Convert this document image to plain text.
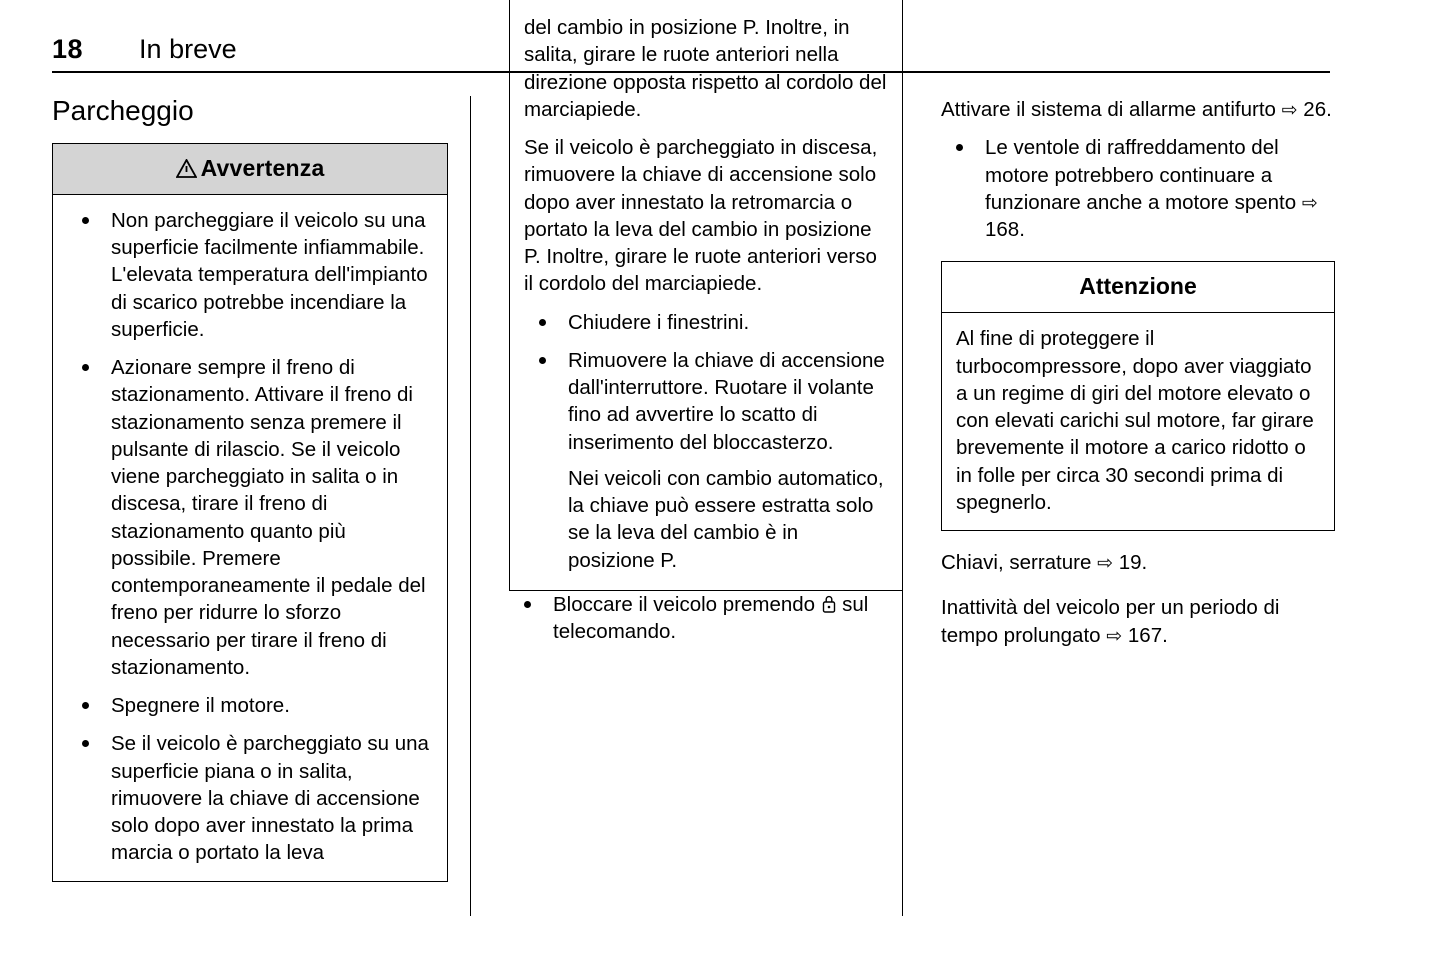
18 In breve
Parcheggio
Avvertenza
Non parcheggiare il veicolo su una superficie facilmente infiammabile. L'elevata temperatura dell'impianto di scarico potrebbe incendiare la superficie.
Azionare sempre il freno di stazionamento. Attivare il freno di stazionamento senza premere il pulsante di rilascio. Se il veicolo viene parcheggiato in salita o in discesa, tirare il freno di stazionamento quanto più possibile. Premere contemporaneamente il pedale del freno per ridurre lo sforzo necessario per tirare il freno di stazionamento.
Spegnere il motore.
Se il veicolo è parcheggiato su una superficie piana o in salita, rimuovere la chiave di accensione solo dopo aver innestato la prima marcia o portato la leva

del cambio in posizione P. Inoltre, in salita, girare le ruote anteriori nella direzione opposta rispetto al cordolo del marciapiede.

Se il veicolo è parcheggiato in discesa, rimuovere la chiave di accensione solo dopo aver innestato la retromarcia o portato la leva del cambio in posizione P. Inoltre, girare le ruote anteriori verso il cordolo del marciapiede.

Chiudere i finestrini.
Rimuovere la chiave di accensione dall'interruttore. Ruotare il volante fino ad avvertire lo scatto di inserimento del bloccasterzo.
Nei veicoli con cambio automatico, la chiave può essere estratta solo se la leva del cambio è in posizione P.
Bloccare il veicolo premendo sul telecomando.

Attivare il sistema di allarme antifurto ⇨ 26.

Le ventole di raffreddamento del motore potrebbero continuare a funzionare anche a motore spento ⇨ 168.
Attenzione
Al fine di proteggere il turbocompressore, dopo aver viaggiato a un regime di giri del motore elevato o con elevati carichi sul motore, far girare brevemente il motore a carico ridotto o in folle per circa 30 secondi prima di spegnerlo.

Chiavi, serrature ⇨ 19.

Inattività del veicolo per un periodo di tempo prolungato ⇨ 167.
